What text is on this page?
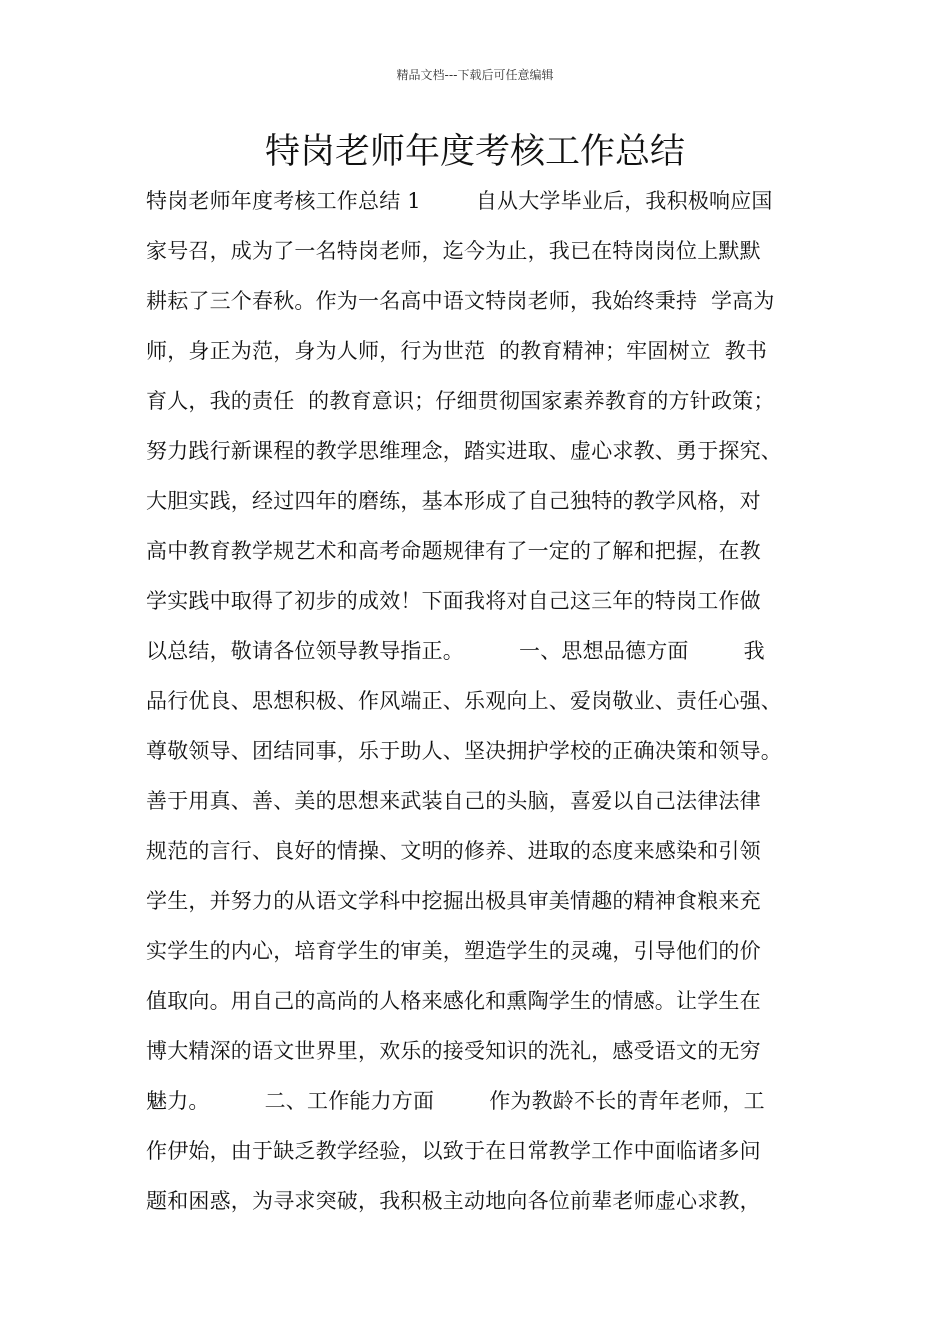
精品文档---下载后可任意编辑
特岗老师年度考核工作总结
特岗老师年度考核工作总结 1        自从大学毕业后，我积极响应国
家号召，成为了一名特岗老师，迄今为止，我已在特岗岗位上默默
耕耘了三个春秋。作为一名高中语文特岗老师，我始终秉持  学高为
师，身正为范，身为人师，行为世范  的教育精神；牢固树立  教书
育人，我的责任  的教育意识；仔细贯彻国家素养教育的方针政策；
努力践行新课程的教学思维理念，踏实进取、虚心求教、勇于探究、
大胆实践，经过四年的磨练，基本形成了自己独特的教学风格，对
高中教育教学规艺术和高考命题规律有了一定的了解和把握，在教
学实践中取得了初步的成效！下面我将对自己这三年的特岗工作做
以总结，敬请各位领导教导指正。        一、思想品德方面        我
品行优良、思想积极、作风端正、乐观向上、爱岗敬业、责任心强、
尊敬领导、团结同事，乐于助人、坚决拥护学校的正确决策和领导。
善于用真、善、美的思想来武装自己的头脑，喜爱以自己法律法律
规范的言行、良好的情操、文明的修养、进取的态度来感染和引领
学生，并努力的从语文学科中挖掘出极具审美情趣的精神食粮来充
实学生的内心，培育学生的审美，塑造学生的灵魂，引导他们的价
值取向。用自己的高尚的人格来感化和熏陶学生的情感。让学生在
博大精深的语文世界里，欢乐的接受知识的洗礼，感受语文的无穷
魅力。        二、工作能力方面        作为教龄不长的青年老师，工
作伊始，由于缺乏教学经验，以致于在日常教学工作中面临诸多问
题和困惑，为寻求突破，我积极主动地向各位前辈老师虚心求教，
